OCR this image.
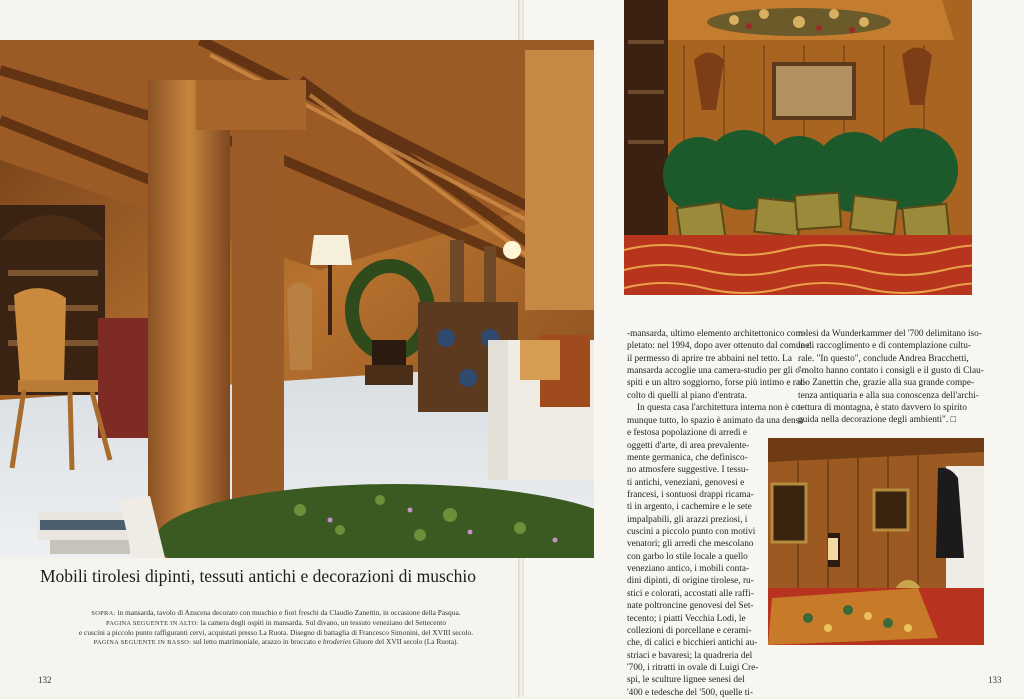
Mobili tirolesi dipinti, tessuti antichi e decorazioni di muschio
SOPRA: in mansarda, tavolo di Azucena decorato con muschio e fiori freschi da Claudio Zanettin, in occasione della Pasqua.
PAGINA SEGUENTE IN ALTO: la camera degli ospiti in mansarda. Sul divano, un tessuto veneziano del Settecento
e cuscini a piccolo punto raffiguranti cervi, acquistati presso La Ruota. Disegno di battaglia di Francesco Simonini, del XVIII secolo.
PAGINA SEGUENTE IN BASSO: sul letto matrimoniale, arazzo in broccato e broderies Gluore del XVII secolo (La Ruota).
132	133
-mansarda, ultimo elemento architettonico com-
pletato: nel 1994, dopo aver ottenuto dal comune
il permesso di aprire tre abbaini nel tetto. La
mansarda accoglie una camera-studio per gli o-
spiti e un altro soggiorno, forse più intimo e rac-
colto di quelli al piano d'entrata.
In questa casa l'architettura interna non è co-
munque tutto, lo spazio è animato da una densa
e festosa popolazione di arredi e
oggetti d'arte, di area prevalente-
mente germanica, che definisco-
no atmosfere suggestive. I tessu-
ti antichi, veneziani, genovesi e
francesi, i sontuosi drappi ricama-
ti in argento, i cachemire e le sete
impalpabili, gli arazzi preziosi, i
cuscini a piccolo punto con motivi
venatori; gli arredi che mescolano
con garbo lo stile locale a quello
veneziano antico, i mobili conta-
dini dipinti, di origine tirolese, ru-
stici e colorati, accostati alle raffi-
nate poltroncine genovesi del Set-
tecento; i piatti Vecchia Lodi, le
collezioni di porcellane e cerami-
che, di calici e bicchieri antichi au-
striaci e bavaresi; la quadreria del
'700, i ritratti in ovale di Luigi Cre-
spi, le sculture lignee senesi del
'400 e tedesche del '500, quelle ti-
rolesi da Wunderkammer del '700 delimitano iso-
le di raccoglimento e di contemplazione cultu-
rale. "In questo", conclude Andrea Bracchetti,
"molto hanno contato i consigli e il gusto di Clau-
dio Zanettin che, grazie alla sua grande compe-
tenza antiquaria e alla sua conoscenza dell'archi-
tettura di montagna, è stato davvero lo spirito
guida nella decorazione degli ambienti". □
